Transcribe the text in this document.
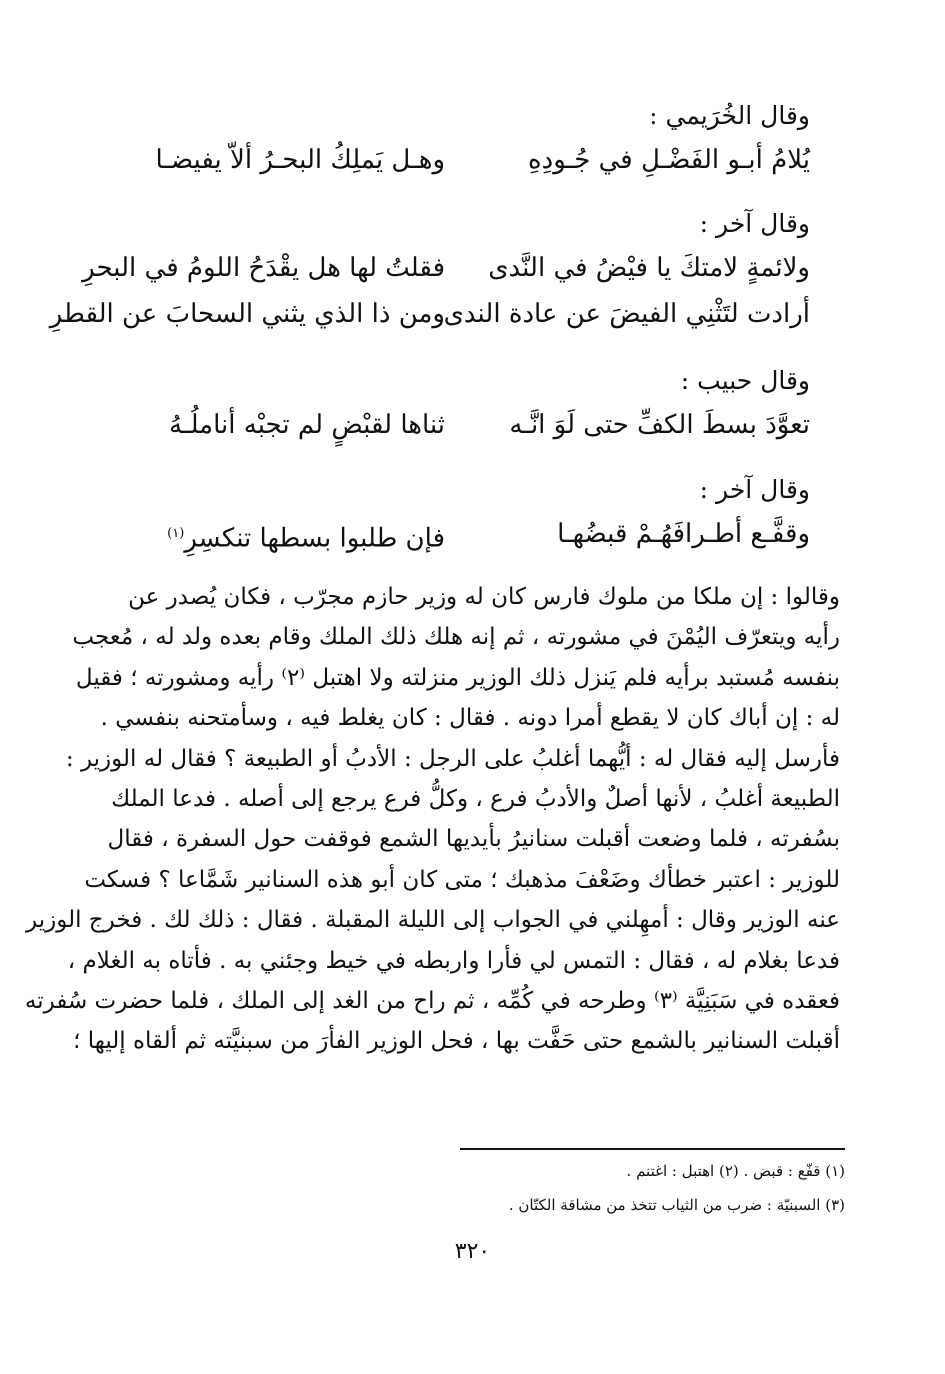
وقال الخُرَيمي :
يُلامُ أبـو الفَضْـلِ في جُـودِهِ
وهـل يَملِكُ البحـرُ ألاّ يفيضـا
وقال آخر :
ولائمةٍ لامتكَ يا فيْضُ في النَّدى
فقلتُ لها هل يقْدَحُ اللومُ في البحرِ
أرادت لتَثْنِي الفيضَ عن عادة الندى
ومن ذا الذي يثني السحابَ عن القطرِ
وقال حبيب :
تعوَّدَ بسطَ الكفِّ حتى لَوَ انَّـه
ثناها لقبْضٍ لم تجبْه أناملُـهُ
وقال آخر :
وقفَّـع أطـرافَهُـمْ قبضُهـا
فإن طلبوا بسطها تنكسِرِ$^{(١)}$
وقالوا : إن ملكا من ملوك فارس كان له وزير حازم مجرّب ، فكان يُصدر عن
رأيه ويتعرّف اليُمْنَ في مشورته ، ثم إنه هلك ذلك الملك وقام بعده ولد له ، مُعجب
بنفسه مُستبد برأيه فلم يَنزل ذلك الوزير منزلته ولا اهتبل ⁽٢⁾ رأيه ومشورته ؛ فقيل
له : إن أباك كان لا يقطع أمرا دونه . فقال : كان يغلط فيه ، وسأمتحنه بنفسي .
فأرسل إليه فقال له : أيُّهما أغلبُ على الرجل : الأدبُ أو الطبيعة ؟ فقال له الوزير :
الطبيعة أغلبُ ، لأنها أصلٌ والأدبُ فرع ، وكلُّ فرع يرجع إلى أصله . فدعا الملك
بسُفرته ، فلما وضعت أقبلت سنانيرُ بأيديها الشمع فوقفت حول السفرة ، فقال
للوزير : اعتبر خطأك وضَعْفَ مذهبك ؛ متى كان أبو هذه السنانير شَمَّاعا ؟ فسكت
عنه الوزير وقال : أمهِلني في الجواب إلى الليلة المقبلة . فقال : ذلك لك . فخرج الوزير
فدعا بغلام له ، فقال : التمس لي فأرا واربطه في خيط وجئني به . فأتاه به الغلام ،
فعقده في سَبَنِيَّة ⁽٣⁾ وطرحه في كُمِّه ، ثم راح من الغد إلى الملك ، فلما حضرت سُفرته
أقبلت السنانير بالشمع حتى حَفَّت بها ، فحل الوزير الفأرَ من سبنيَّته ثم ألقاه إليها ؛
(١) قفّع : قبض . (٢) اهتبل : اغتنم .
(٣) السبنيّة : ضرب من الثياب تتخذ من مشاقة الكتّان .
٣٢٠
